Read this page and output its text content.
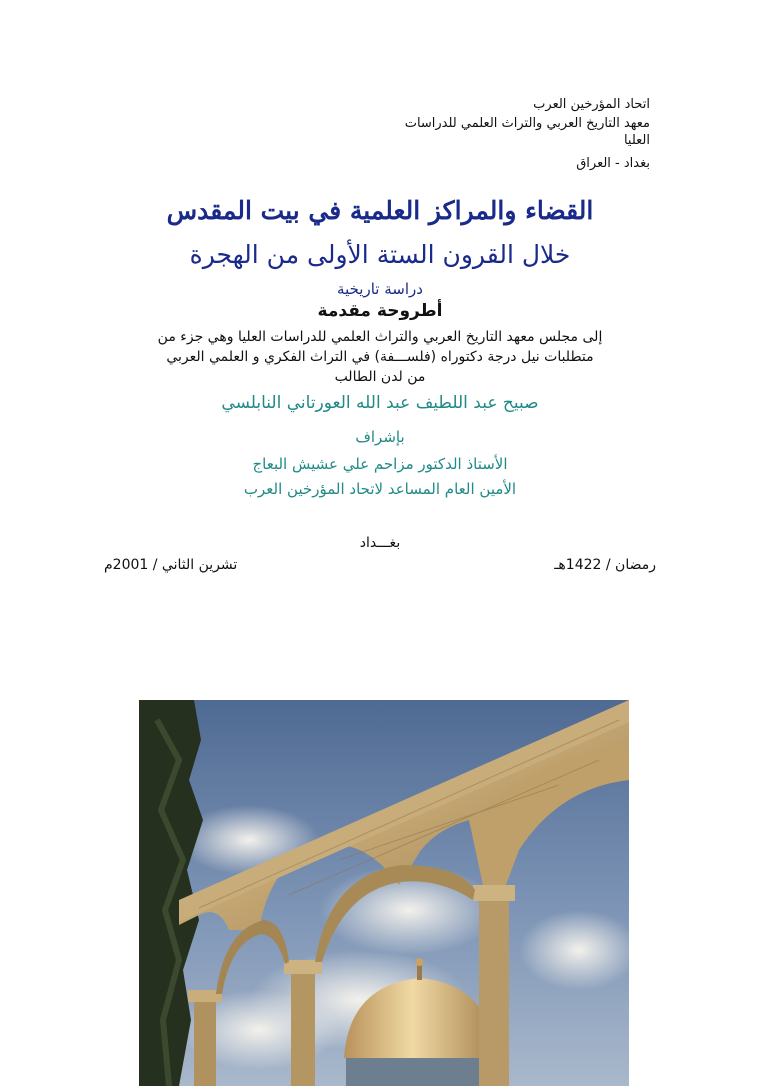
اتحاد المؤرخين العرب
معهد التاريخ العربي والتراث العلمي للدراسات
العليا
بغداد - العراق
القضاء والمراكز العلمية في بيت المقدس
خلال القرون الستة الأولى من الهجرة
دراسة تاريخية
أطروحة مقدمة
إلى مجلس معهد التاريخ العربي والتراث العلمي للدراسات العليا وهي جزء من
متطلبات نيل درجة دكتوراه (فلســـفة) في التراث الفكري و العلمي العربي
من لدن الطالب
صبيح عبد اللطيف عبد الله العورتاني النابلسي
بإشراف
الأستاذ الدكتور مزاحم علي عشيش البعاج
الأمين العام المساعد لاتحاد المؤرخين العرب
بغـــداد
رمضان / 1422هـ
تشرين الثاني / 2001م
